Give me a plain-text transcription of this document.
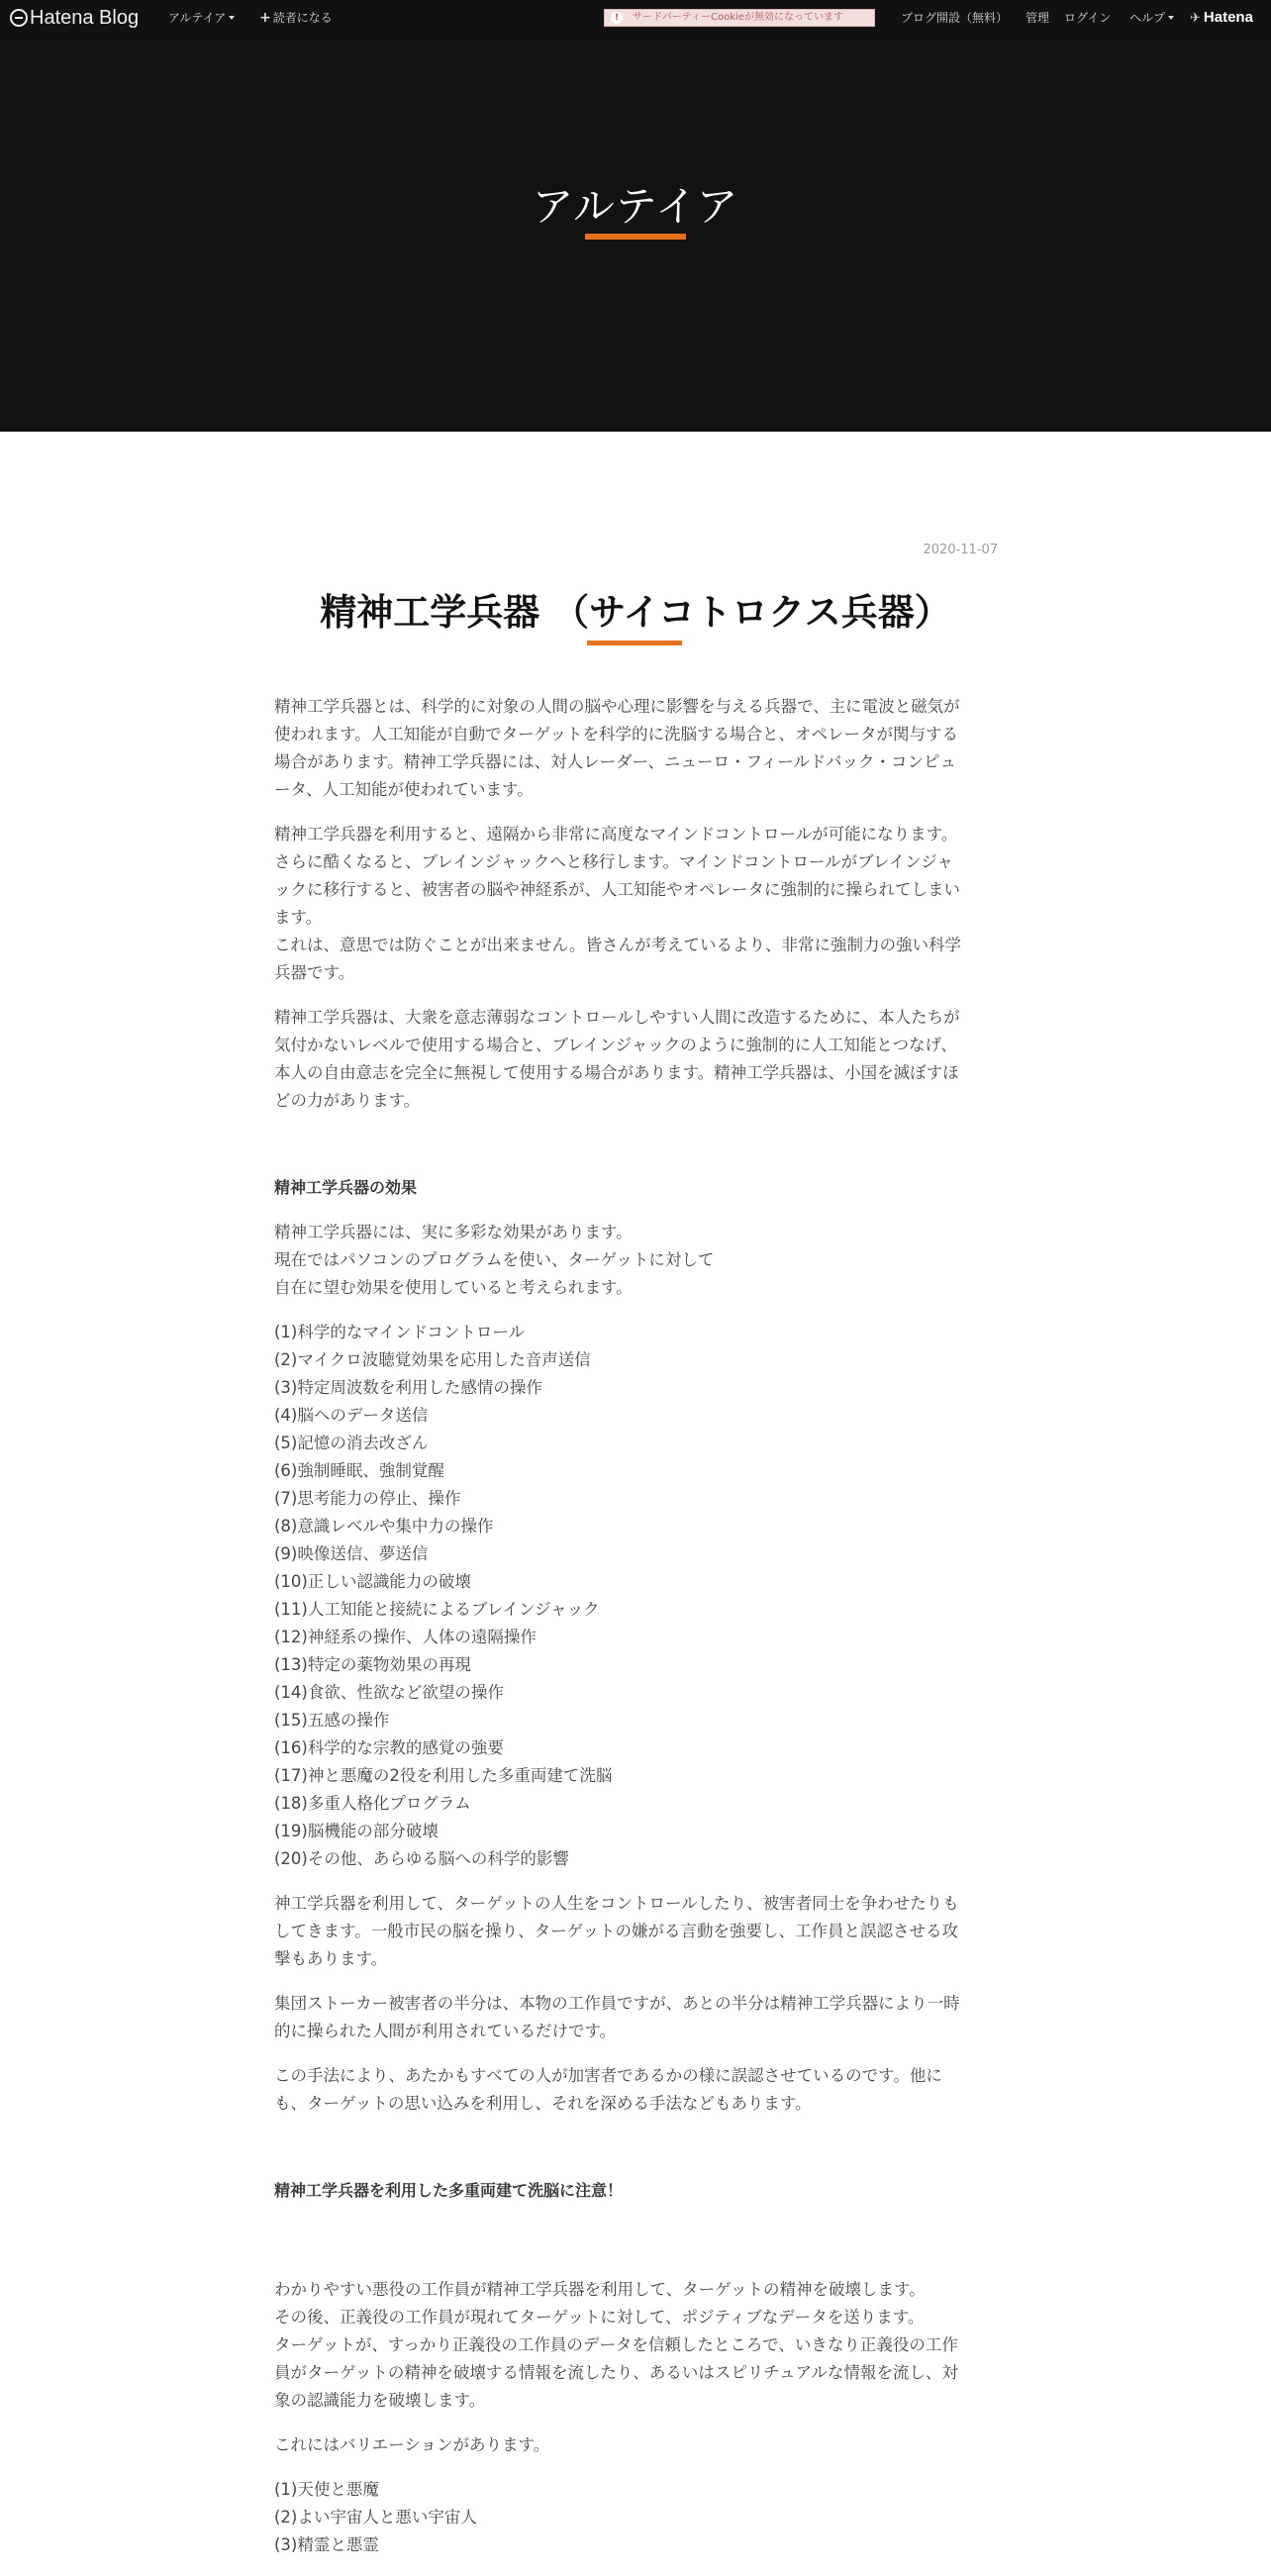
Hatena Blog アルテイア	+ 読者になる	!	サードパーティーCookieが無効になっています	ブログ開設（無料） 管理 ログイン ヘルプ	✈ Hatena
アルテイア
2020-11-07
精神工学兵器 （サイコトロクス兵器）

精神工学兵器とは、科学的に対象の人間の脳や心理に影響を与える兵器で、主に電波と磁気が
使われます。人工知能が自動でターゲットを科学的に洗脳する場合と、オペレータが関与する
場合があります。精神工学兵器には、対人レーダー、ニューロ・フィールドバック・コンピュ
ータ、人工知能が使われています。

精神工学兵器を利用すると、遠隔から非常に高度なマインドコントロールが可能になります。
さらに酷くなると、ブレインジャックへと移行します。マインドコントロールがブレインジャ
ックに移行すると、被害者の脳や神経系が、人工知能やオペレータに強制的に操られてしまい
ます。
これは、意思では防ぐことが出来ません。皆さんが考えているより、非常に強制力の強い科学
兵器です。

精神工学兵器は、大衆を意志薄弱なコントロールしやすい人間に改造するために、本人たちが
気付かないレベルで使用する場合と、ブレインジャックのように強制的に人工知能とつなげ、
本人の自由意志を完全に無視して使用する場合があります。精神工学兵器は、小国を滅ぼすほ
どの力があります。

精神工学兵器の効果

精神工学兵器には、実に多彩な効果があります。
現在ではパソコンのプログラムを使い、ターゲットに対して
自在に望む効果を使用していると考えられます。

(1)科学的なマインドコントロール
(2)マイクロ波聴覚効果を応用した音声送信
(3)特定周波数を利用した感情の操作
(4)脳へのデータ送信
(5)記憶の消去改ざん
(6)強制睡眠、強制覚醒
(7)思考能力の停止、操作
(8)意識レベルや集中力の操作
(9)映像送信、夢送信
(10)正しい認識能力の破壊
(11)人工知能と接続によるブレインジャック
(12)神経系の操作、人体の遠隔操作
(13)特定の薬物効果の再現
(14)食欲、性欲など欲望の操作
(15)五感の操作
(16)科学的な宗教的感覚の強要
(17)神と悪魔の2役を利用した多重両建て洗脳
(18)多重人格化プログラム
(19)脳機能の部分破壊
(20)その他、あらゆる脳への科学的影響

神工学兵器を利用して、ターゲットの人生をコントロールしたり、被害者同士を争わせたりも
してきます。一般市民の脳を操り、ターゲットの嫌がる言動を強要し、工作員と誤認させる攻
撃もあります。

集団ストーカー被害者の半分は、本物の工作員ですが、あとの半分は精神工学兵器により一時
的に操られた人間が利用されているだけです。

この手法により、あたかもすべての人が加害者であるかの様に誤認させているのです。他に
も、ターゲットの思い込みを利用し、それを深める手法などもあります。

精神工学兵器を利用した多重両建て洗脳に注意！

わかりやすい悪役の工作員が精神工学兵器を利用して、ターゲットの精神を破壊します。
その後、正義役の工作員が現れてターゲットに対して、ポジティブなデータを送ります。
ターゲットが、すっかり正義役の工作員のデータを信頼したところで、いきなり正義役の工作
員がターゲットの精神を破壊する情報を流したり、あるいはスピリチュアルな情報を流し、対
象の認識能力を破壊します。

これにはバリエーションがあります。

(1)天使と悪魔
(2)よい宇宙人と悪い宇宙人
(3)精霊と悪霊
